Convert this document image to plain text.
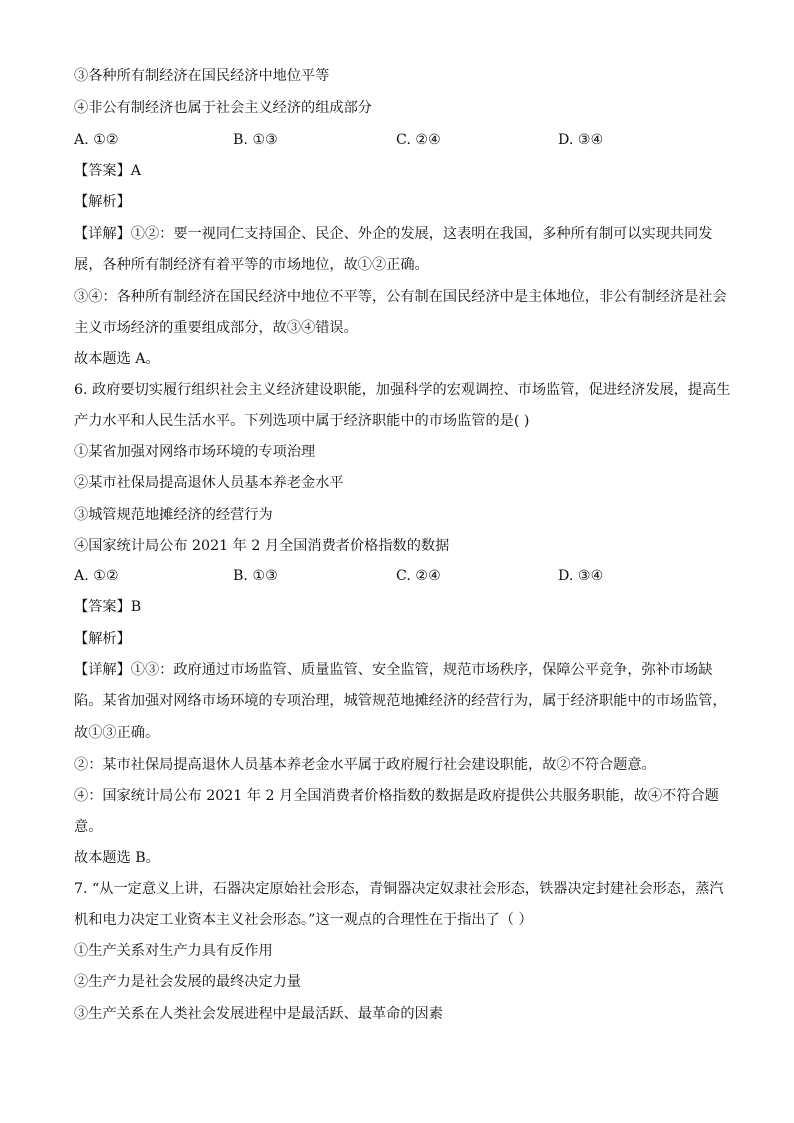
③各种所有制经济在国民经济中地位平等
④非公有制经济也属于社会主义经济的组成部分
A. ①②	B. ①③	C. ②④	D. ③④
【答案】A
【解析】
【详解】①②：要一视同仁支持国企、民企、外企的发展，这表明在我国，多种所有制可以实现共同发
展，各种所有制经济有着平等的市场地位，故①②正确。
③④：各种所有制经济在国民经济中地位不平等，公有制在国民经济中是主体地位，非公有制经济是社会
主义市场经济的重要组成部分，故③④错误。
故本题选 A。
6. 政府要切实履行组织社会主义经济建设职能，加强科学的宏观调控、市场监管，促进经济发展，提高生
产力水平和人民生活水平。下列选项中属于经济职能中的市场监管的是( )
①某省加强对网络市场环境的专项治理
②某市社保局提高退休人员基本养老金水平
③城管规范地摊经济的经营行为
④国家统计局公布 2021 年 2 月全国消费者价格指数的数据
A. ①②	B. ①③	C. ②④	D. ③④
【答案】B
【解析】
【详解】①③：政府通过市场监管、质量监管、安全监管，规范市场秩序，保障公平竞争，弥补市场缺
陷。某省加强对网络市场环境的专项治理，城管规范地摊经济的经营行为，属于经济职能中的市场监管，
故①③正确。
②：某市社保局提高退休人员基本养老金水平属于政府履行社会建设职能，故②不符合题意。
④：国家统计局公布 2021 年 2 月全国消费者价格指数的数据是政府提供公共服务职能，故④不符合题
意。
故本题选 B。
7. “从一定意义上讲，石器决定原始社会形态，青铜器决定奴隶社会形态，铁器决定封建社会形态，蒸汽
机和电力决定工业资本主义社会形态。”这一观点的合理性在于指出了（ ）
①生产关系对生产力具有反作用
②生产力是社会发展的最终决定力量
③生产关系在人类社会发展进程中是最活跃、最革命的因素
